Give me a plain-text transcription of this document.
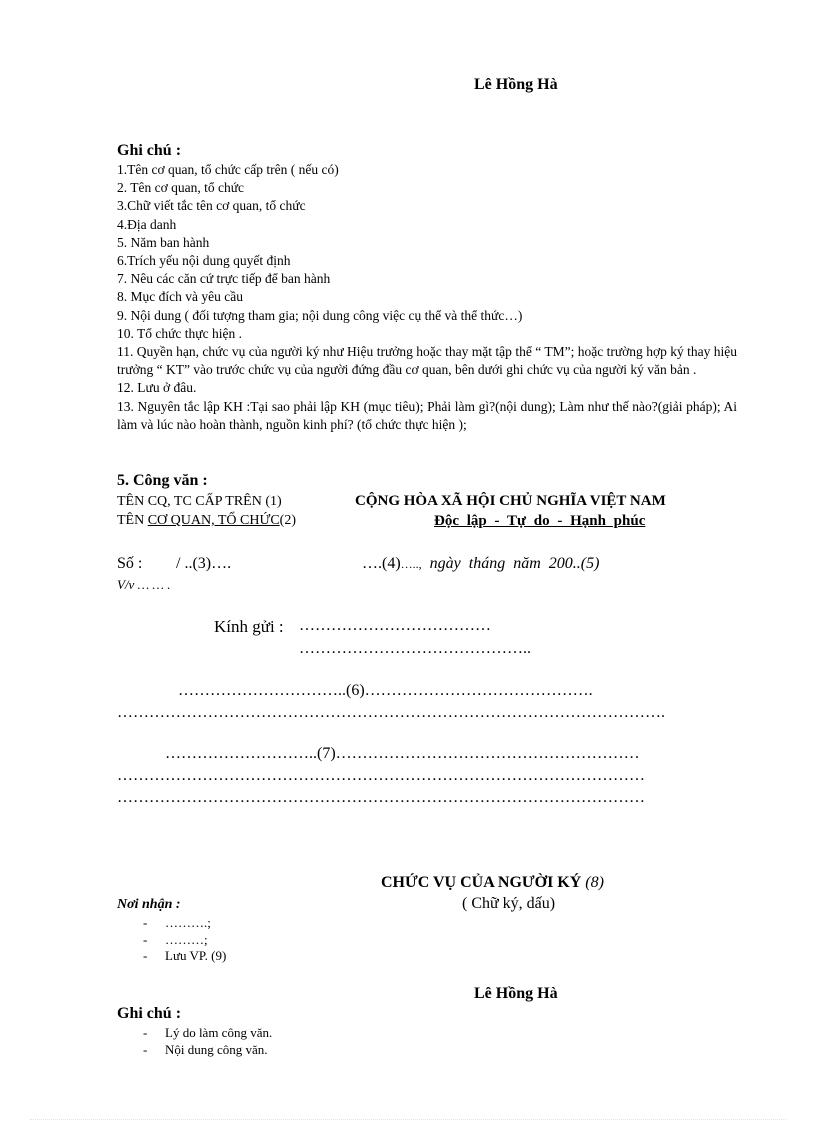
Lê Hồng Hà
Ghi chú :
1.Tên cơ quan, tổ chức cấp trên ( nếu có)
2. Tên cơ quan, tổ chức
3.Chữ viết tắc tên cơ quan, tổ chức
4.Địa danh
5. Năm ban hành
6.Trích yếu nội dung quyết định
7. Nêu các căn cứ trực tiếp để ban hành
8. Mục đích và yêu cầu
9. Nội dung ( đối tượng tham gia; nội dung công việc cụ thể và thể thức…)
10. Tổ chức thực hiện .
11. Quyền hạn, chức vụ của người ký như Hiệu trưởng hoặc thay mặt tập thể “ TM”; hoặc trường hợp ký thay hiệu trưởng “ KT” vào trước chức vụ của người đứng đầu cơ quan, bên dưới ghi chức vụ của người ký văn bản .
12. Lưu ở đâu.
13. Nguyên tắc lập KH :Tại sao phải lập KH (mục tiêu); Phải làm gì?(nội dung); Làm như thế nào?(giải pháp); Ai làm và lúc nào hoàn thành, nguồn kinh phí? (tổ chức thực hiện );
5. Công văn :
TÊN CQ, TC CẤP TRÊN (1)
TÊN CƠ QUAN, TỔ CHỨC(2)
CỘNG HÒA XÃ HỘI CHỦ NGHĨA VIỆT NAM
Độc lập - Tự do - Hạnh phúc
Số : / ..(3)….	….(4)….., ngày tháng năm 200..(5)
V/v … … .
Kính gửi : ………………………………
……………………………………..
…………………………..(6)…………………………………….
………………………………………………………………………………………….
………………………..(7)…………………………………………………
………………………………………………………………………………………
………………………………………………………………………………………
CHỨC VỤ CỦA NGƯỜI KÝ (8)
( Chữ ký, dấu)
Nơi nhận :
- ……….;
- ………;
- Lưu VP. (9)
Lê Hồng Hà
Ghi chú :
- Lý do làm công văn.
- Nội dung công văn.
